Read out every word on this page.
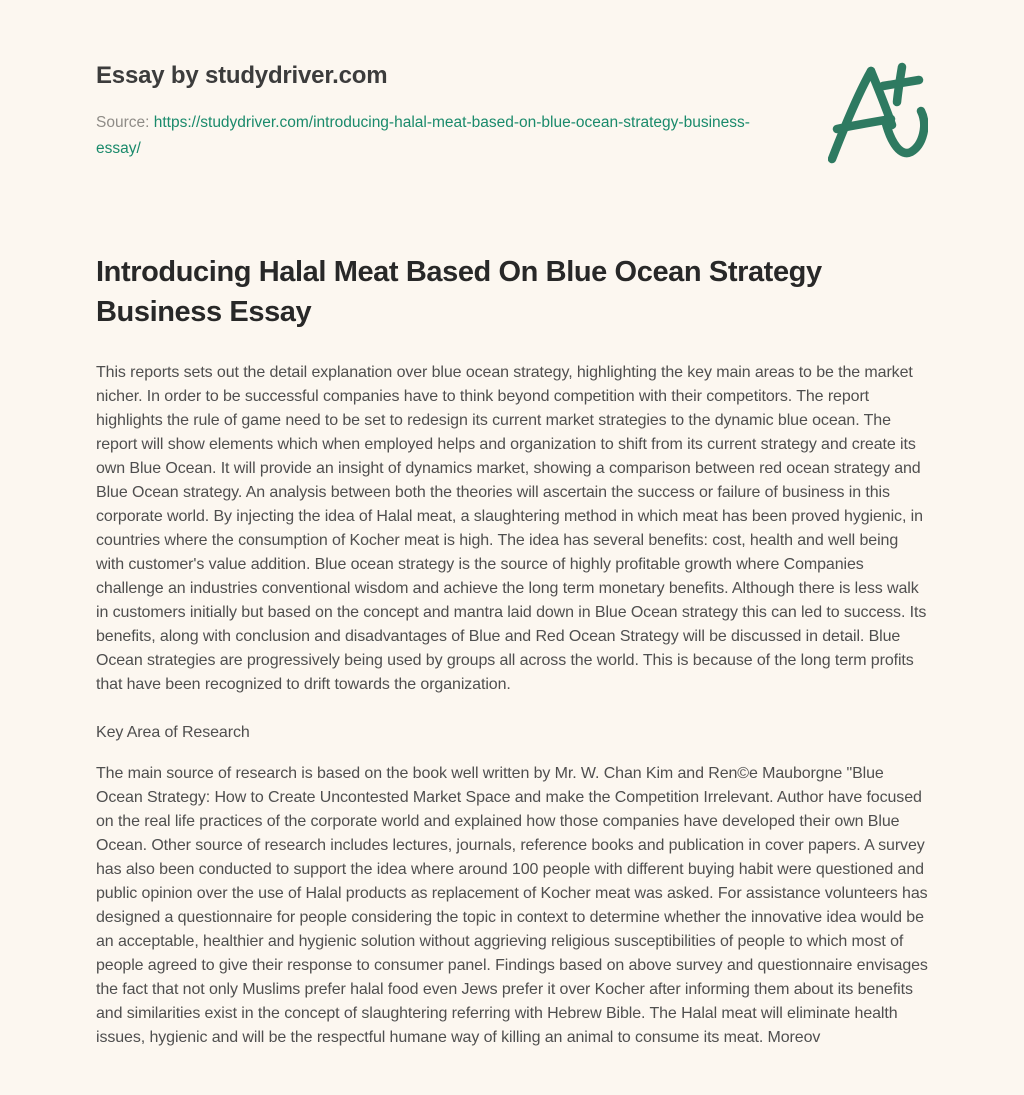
Essay by studydriver.com
Source: https://studydriver.com/introducing-halal-meat-based-on-blue-ocean-strategy-business-essay/
Introducing Halal Meat Based On Blue Ocean Strategy Business Essay

This reports sets out the detail explanation over blue ocean strategy, highlighting the key main areas to be the market nicher. In order to be successful companies have to think beyond competition with their competitors. The report highlights the rule of game need to be set to redesign its current market strategies to the dynamic blue ocean. The report will show elements which when employed helps and organization to shift from its current strategy and create its own Blue Ocean. It will provide an insight of dynamics market, showing a comparison between red ocean strategy and Blue Ocean strategy. An analysis between both the theories will ascertain the success or failure of business in this corporate world. By injecting the idea of Halal meat, a slaughtering method in which meat has been proved hygienic, in countries where the consumption of Kocher meat is high. The idea has several benefits: cost, health and well being with customer's value addition. Blue ocean strategy is the source of highly profitable growth where Companies challenge an industries conventional wisdom and achieve the long term monetary benefits. Although there is less walk in customers initially but based on the concept and mantra laid down in Blue Ocean strategy this can led to success. Its benefits, along with conclusion and disadvantages of Blue and Red Ocean Strategy will be discussed in detail. Blue Ocean strategies are progressively being used by groups all across the world. This is because of the long term profits that have been recognized to drift towards the organization.

Key Area of Research

The main source of research is based on the book well written by Mr. W. Chan Kim and Ren©e Mauborgne "Blue Ocean Strategy: How to Create Uncontested Market Space and make the Competition Irrelevant. Author have focused on the real life practices of the corporate world and explained how those companies have developed their own Blue Ocean. Other source of research includes lectures, journals, reference books and publication in cover papers. A survey has also been conducted to support the idea where around 100 people with different buying habit were questioned and public opinion over the use of Halal products as replacement of Kocher meat was asked. For assistance volunteers has designed a questionnaire for people considering the topic in context to determine whether the innovative idea would be an acceptable, healthier and hygienic solution without aggrieving religious susceptibilities of people to which most of people agreed to give their response to consumer panel. Findings based on above survey and questionnaire envisages the fact that not only Muslims prefer halal food even Jews prefer it over Kocher after informing them about its benefits and similarities exist in the concept of slaughtering referring with Hebrew Bible. The Halal meat will eliminate health issues, hygienic and will be the respectful humane way of killing an animal to consume its meat. Moreov
